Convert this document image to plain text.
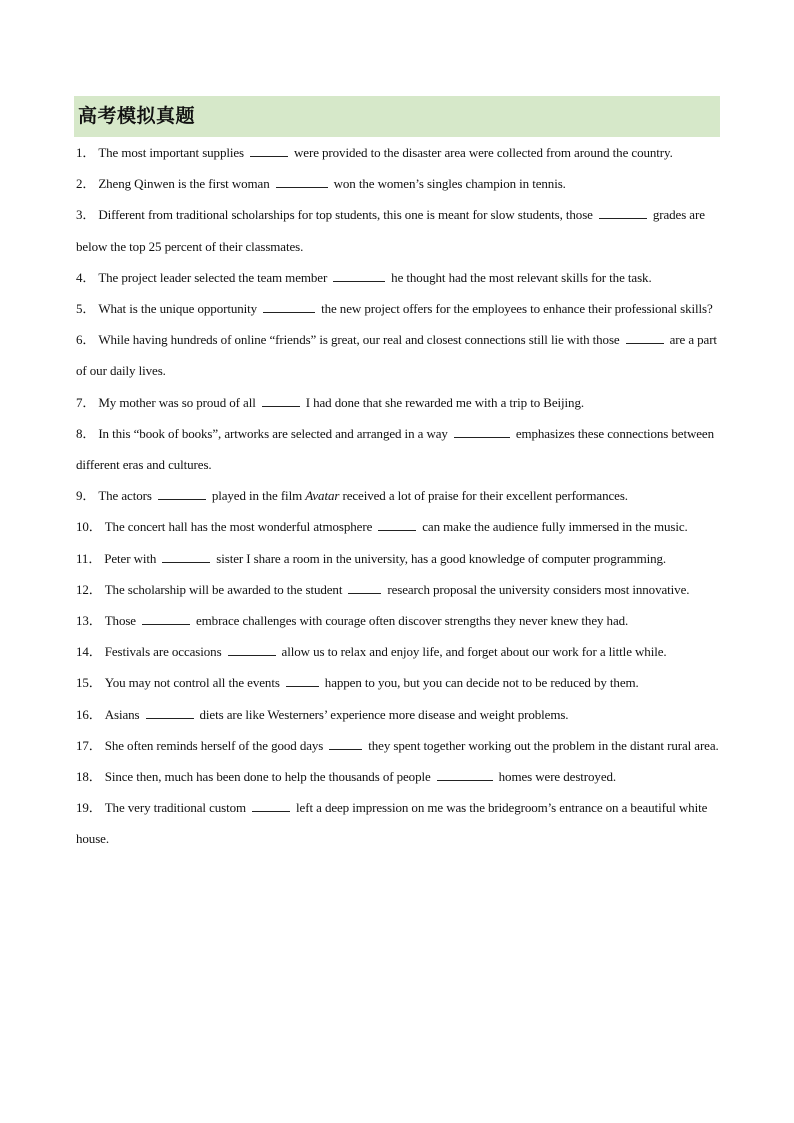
高考模拟真题

1． The most important supplies	were provided to the disaster area were collected from around the country.

2． Zheng Qinwen is the first woman	won the women’s singles champion in tennis.

3． Different from traditional scholarships for top students, this one is meant for slow students, those	grades are below the top 25 percent of their classmates.

4． The project leader selected the team member	he thought had the most relevant skills for the task.

5． What is the unique opportunity	the new project offers for the employees to enhance their professional skills?

6． While having hundreds of online “friends” is great, our real and closest connections still lie with those	are a part of our daily lives.

7． My mother was so proud of all	I had done that she rewarded me with a trip to Beijing.

8． In this “book of books”, artworks are selected and arranged in a way	emphasizes these connections between different eras and cultures.

9． The actors	played in the film Avatar received a lot of praise for their excellent performances.

10． The concert hall has the most wonderful atmosphere	can make the audience fully immersed in the music.

11． Peter with	sister I share a room in the university, has a good knowledge of computer programming.

12． The scholarship will be awarded to the student	research proposal the university considers most innovative.

13． Those	embrace challenges with courage often discover strengths they never knew they had.

14． Festivals are occasions	allow us to relax and enjoy life, and forget about our work for a little while.

15． You may not control all the events	happen to you, but you can decide not to be reduced by them.

16． Asians	diets are like Westerners’ experience more disease and weight problems.

17． She often reminds herself of the good days	they spent together working out the problem in the distant rural area.

18． Since then, much has been done to help the thousands of people	homes were destroyed.

19． The very traditional custom	left a deep impression on me was the bridegroom’s entrance on a beautiful white house.
